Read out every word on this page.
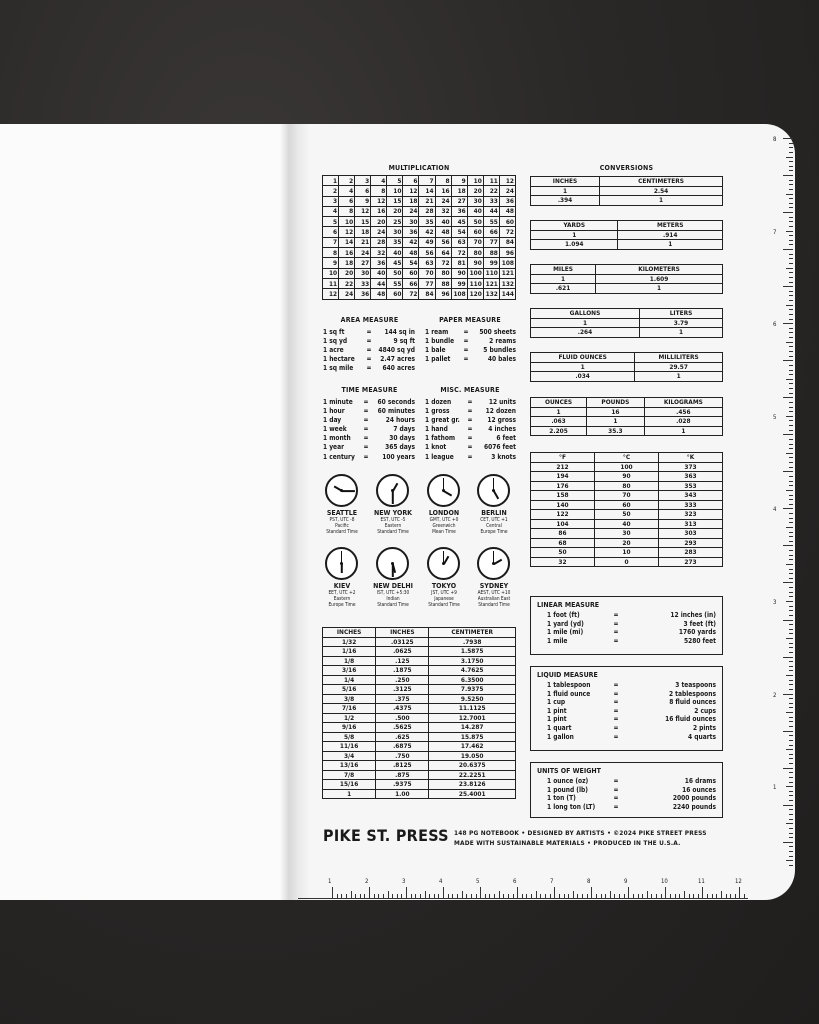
MULTIPLICATION
1	2	3	4	5	6	7	8	9	10	11	12
2	4	6	8	10	12	14	16	18	20	22	24
3	6	9	12	15	18	21	24	27	30	33	36
4	8	12	16	20	24	28	32	36	40	44	48
5	10	15	20	25	30	35	40	45	50	55	60
6	12	18	24	30	36	42	48	54	60	66	72
7	14	21	28	35	42	49	56	63	70	77	84
8	16	24	32	40	48	56	64	72	80	88	96
9	18	27	36	45	54	63	72	81	90	99	108
10	20	30	40	50	60	70	80	90	100	110	121
11	22	33	44	55	66	77	88	99	110	121	132
12	24	36	48	60	72	84	96	108	120	132	144
CONVERSIONS
INCHES	CENTIMETERS
1	2.54
.394	1
YARDS	METERS
1	.914
1.094	1
MILES	KILOMETERS
1	1.609
.621	1
GALLONS	LITERS
1	3.79
.264	1
FLUID OUNCES	MILLILITERS
1	29.57
.034	1
AREA MEASURE
1 sq ft	=	144 sq in
1 sq yd	=	9 sq ft
1 acre	=	4840 sq yd
1 hectare	=	2.47 acres
1 sq mile	=	640 acres
PAPER MEASURE
1 ream	=	500 sheets
1 bundle	=	2 reams
1 bale	=	5 bundles
1 pallet	=	40 bales
TIME MEASURE
1 minute	=	60 seconds
1 hour	=	60 minutes
1 day	=	24 hours
1 week	=	7 days
1 month	=	30 days
1 year	=	365 days
1 century	=	100 years
MISC. MEASURE
1 dozen	=	12 units
1 gross	=	12 dozen
1 great gr.	=	12 gross
1 hand	=	4 inches
1 fathom	=	6 feet
1 knot	=	6076 feet
1 league	=	3 knots
SEATTLE
PST, UTC -8
Pacific
Standard Time
NEW YORK
EST, UTC -5
Eastern
Standard Time
LONDON
GMT, UTC +0
Greenwich
Mean Time
BERLIN
CET, UTC +1
Central
Europe Time
KIEV
EET, UTC +2
Eastern
Europe Time
NEW DELHI
IST, UTC +5:30
Indian
Standard Time
TOKYO
JST, UTC +9
Japanese
Standard Time
SYDNEY
AEST, UTC +10
Australian East
Standard Time
INCHES	INCHES	CENTIMETER
1/32	.03125	.7938
1/16	.0625	1.5875
1/8	.125	3.1750
3/16	.1875	4.7625
1/4	.250	6.3500
5/16	.3125	7.9375
3/8	.375	9.5250
7/16	.4375	11.1125
1/2	.500	12.7001
9/16	.5625	14.287
5/8	.625	15.875
11/16	.6875	17.462
3/4	.750	19.050
13/16	.8125	20.6375
7/8	.875	22.2251
15/16	.9375	23.8126
1	1.00	25.4001
OUNCES	POUNDS	KILOGRAMS
1	16	.456
.063	1	.028
2.205	35.3	1
°F	°C	°K
212	100	373
194	90	363
176	80	353
158	70	343
140	60	333
122	50	323
104	40	313
86	30	303
68	20	293
50	10	283
32	0	273
LINEAR MEASURE
1 foot (ft)	=	12 inches (in)
1 yard (yd)	=	3 feet (ft)
1 mile (mi)	=	1760 yards
1 mile	=	5280 feet
LIQUID MEASURE
1 tablespoon	=	3 teaspoons
1 fluid ounce	=	2 tablespoons
1 cup	=	8 fluid ounces
1 pint	=	2 cups
1 pint	=	16 fluid ounces
1 quart	=	2 pints
1 gallon	=	4 quarts
UNITS OF WEIGHT
1 ounce (oz)	=	16 drams
1 pound (lb)	=	16 ounces
1 ton (T)	=	2000 pounds
1 long ton (LT)	=	2240 pounds
PIKE ST. PRESS 148 PG NOTEBOOK • DESIGNED BY ARTISTS • ©2024 PIKE STREET PRESS
MADE WITH SUSTAINABLE MATERIALS • PRODUCED IN THE U.S.A.
1	2	3	4	5	6	7	8	9	10	11	12
8
7
6
5
4
3
2
1
